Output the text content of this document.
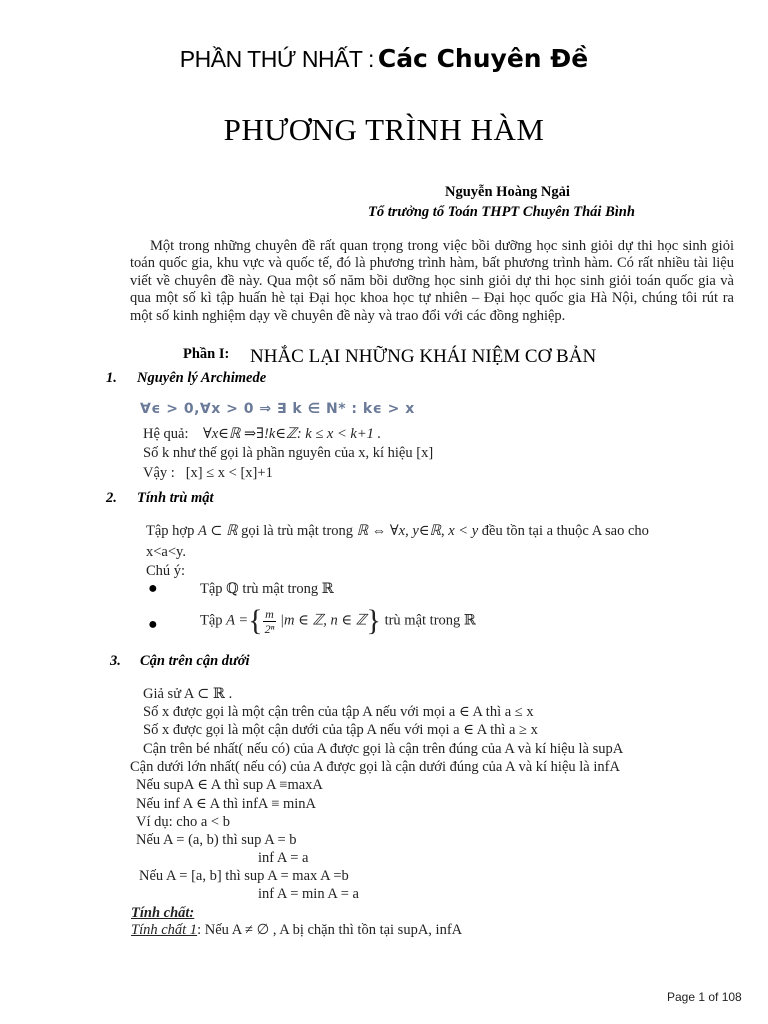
PHẦN THỨ NHẤT : Các Chuyên Đề
PHƯƠNG TRÌNH HÀM
Nguyễn Hoàng Ngải
Tổ trưởng tổ Toán THPT Chuyên Thái Bình
Một trong những chuyên đề rất quan trọng trong việc bồi dưỡng học sinh giỏi dự thi học sinh giỏi toán quốc gia, khu vực và quốc tế, đó là phương trình hàm, bất phương trình hàm. Có rất nhiều tài liệu viết về chuyên đề này. Qua một số năm bồi dưỡng học sinh giỏi dự thi học sinh giỏi toán quốc gia và qua một số kì tập huấn hè tại Đại học khoa học tự nhiên – Đại học quốc gia Hà Nội, chúng tôi rút ra một số kinh nghiệm dạy về chuyên đề này và trao đổi với các đồng nghiệp.
Phần I: NHẮC LẠI NHỮNG KHÁI NIỆM CƠ BẢN
1. Nguyên lý Archimede
∀ϵ > 0,∀x > 0 ⇒ ∃ k ∈ N* : kϵ > x
Hệ quả: ∀x∈ℝ ⇒∃!k∈ℤ: k ≤ x < k+1 .
Số k như thế gọi là phần nguyên của x, kí hiệu [x]
Vậy : [x] ≤ x < [x]+1
2. Tính trù mật
Tập hợp A ⊂ ℝ gọi là trù mật trong ℝ ⇔ ∀x, y∈ℝ, x < y đều tồn tại a thuộc A sao cho
x<a<y.
Chú ý:
●	Tập ℚ trù mật trong ℝ
●	Tập A ={ $\frac{m}{\text{2ⁿ}} |m$ ∈ ℤ, n ∈ ℤ} trù mật trong ℝ
3. Cận trên cận dưới
Giả sử A ⊂ ℝ .
Số x được gọi là một cận trên của tập A nếu với mọi a ∈ A thì a ≤ x
Số x được gọi là một cận dưới của tập A nếu với mọi a ∈ A thì a ≥ x
Cận trên bé nhất( nếu có) của A được gọi là cận trên đúng của A và kí hiệu là supA
Cận dưới lớn nhất( nếu có) của A được gọi là cận dưới đúng của A và kí hiệu là infA
Nếu supA ∈ A thì sup A ≡maxA
Nếu inf A ∈ A thì infA ≡ minA
Ví dụ: cho a < b
Nếu A = (a, b) thì sup A = b
inf A = a
Nếu A = [a, b] thì sup A = max A =b
inf A = min A = a
Tính chất:
Tính chất 1: Nếu A ≠ ∅ , A bị chặn thì tồn tại supA, infA
Page 1 of 108
